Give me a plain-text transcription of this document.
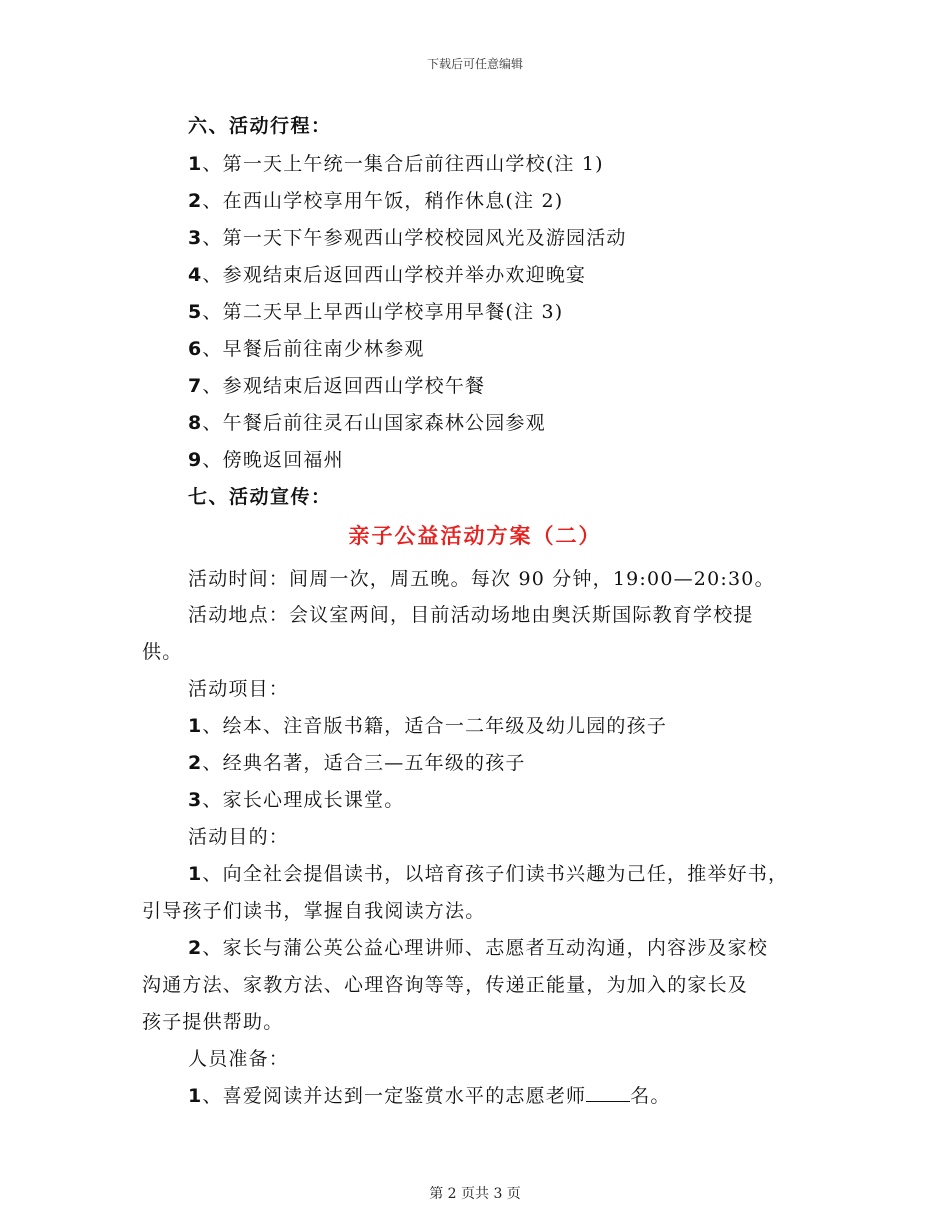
下载后可任意编辑
六、活动行程：
1、第一天上午统一集合后前往西山学校(注 1)
2、在西山学校享用午饭，稍作休息(注 2)
3、第一天下午参观西山学校校园风光及游园活动
4、参观结束后返回西山学校并举办欢迎晚宴
5、第二天早上早西山学校享用早餐(注 3)
6、早餐后前往南少林参观
7、参观结束后返回西山学校午餐
8、午餐后前往灵石山国家森林公园参观
9、傍晚返回福州
七、活动宣传：
亲子公益活动方案（二）
活动时间：间周一次，周五晚。每次 90 分钟，19:00—20:30。
活动地点：会议室两间，目前活动场地由奥沃斯国际教育学校提
供。
活动项目：
1、绘本、注音版书籍，适合一二年级及幼儿园的孩子
2、经典名著，适合三—五年级的孩子
3、家长心理成长课堂。
活动目的：
1、向全社会提倡读书，以培育孩子们读书兴趣为己任，推举好书，
引导孩子们读书，掌握自我阅读方法。
2、家长与蒲公英公益心理讲师、志愿者互动沟通，内容涉及家校
沟通方法、家教方法、心理咨询等等，传递正能量，为加入的家长及
孩子提供帮助。
人员准备：
1、喜爱阅读并达到一定鉴赏水平的志愿老师 名。
第 2 页共 3 页
